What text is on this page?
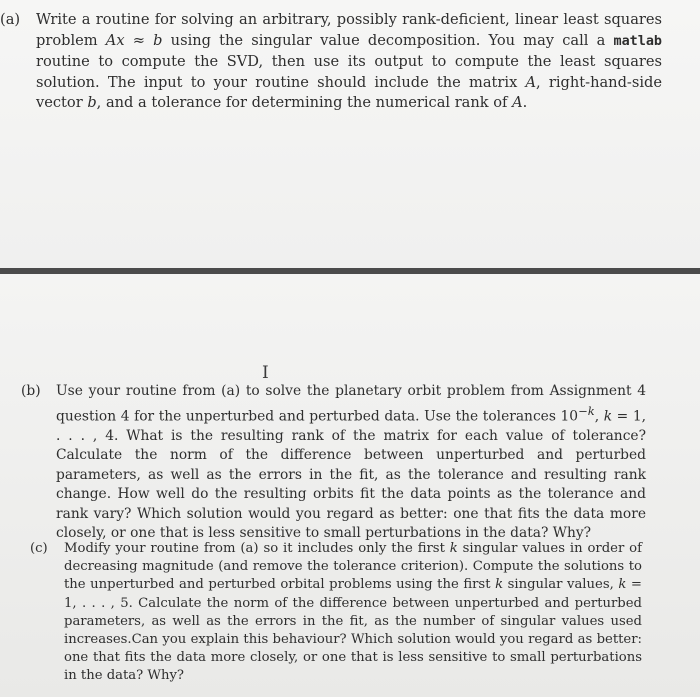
(a) Write a routine for solving an arbitrary, possibly rank-deficient, linear least squares problem Ax ≈ b using the singular value decomposition. You may call a matlab routine to compute the SVD, then use its output to compute the least squares solution. The input to your routine should include the matrix A, right-hand-side vector b, and a tolerance for determining the numerical rank of A.

I

(b) Use your routine from (a) to solve the planetary orbit problem from Assignment 4 question 4 for the unperturbed and perturbed data. Use the tolerances $10^{-k}$, k = 1, . . . , 4. What is the resulting rank of the matrix for each value of tolerance? Calculate the norm of the difference between unperturbed and perturbed parameters, as well as the errors in the fit, as the tolerance and resulting rank change. How well do the resulting orbits fit the data points as the tolerance and rank vary? Which solution would you regard as better: one that fits the data more closely, or one that is less sensitive to small perturbations in the data? Why?

(c) Modify your routine from (a) so it includes only the first k singular values in order of decreasing magnitude (and remove the tolerance criterion). Compute the solutions to the unperturbed and perturbed orbital problems using the first k singular values, k = 1, . . . , 5. Calculate the norm of the difference between unperturbed and perturbed parameters, as well as the errors in the fit, as the number of singular values used increases.Can you explain this behaviour? Which solution would you regard as better: one that fits the data more closely, or one that is less sensitive to small perturbations in the data? Why?
